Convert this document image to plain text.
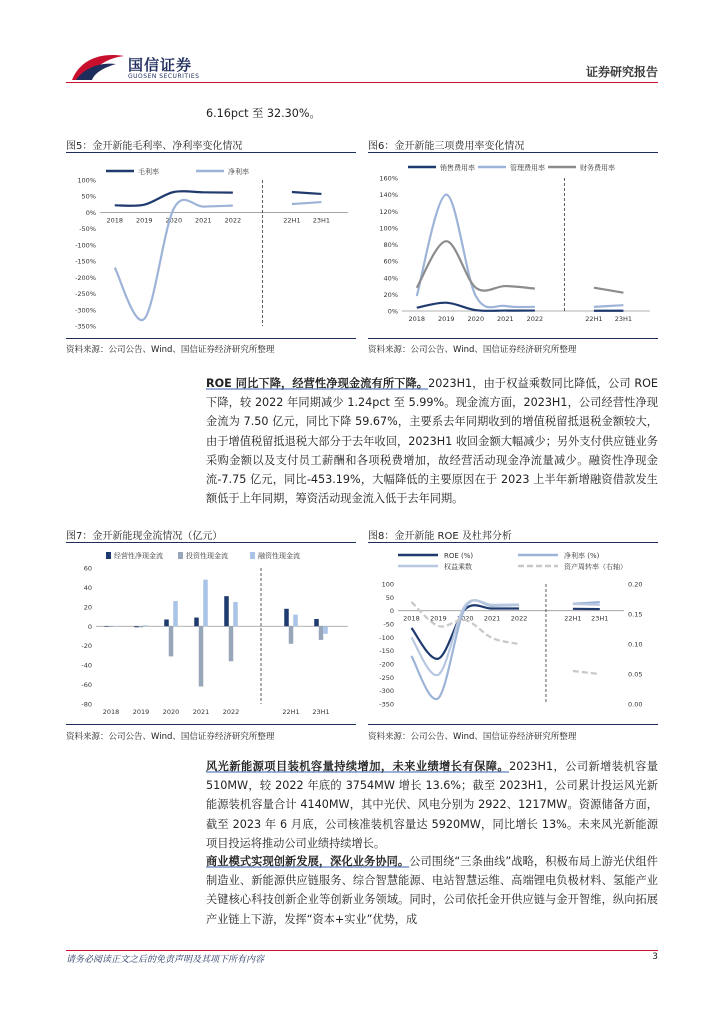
国信证券
GUOSEN SECURITIES	证券研究报告
6.16pct 至 32.30%。
图5：金开新能毛利率、净利率变化情况
毛利率	净利率
100%
50%
0%
-50%
-100%
-150%
-200%
-250%
-300%
-350%
2018 2019 2020 2021 2022	22H1 23H1
资料来源：公司公告、Wind、国信证券经济研究所整理
图6：金开新能三项费用率变化情况
销售费用率	管理费用率	财务费用率
160%
140%
120%
100%
80%
60%
40%
20%
0%
2018 2019 2020 2021 2022	22H1 23H1
资料来源：公司公告、Wind、国信证券经济研究所整理
ROE 同比下降，经营性净现金流有所下降。2023H1，由于权益乘数同比降低，公司 ROE 下降，较 2022 年同期减少 1.24pct 至 5.99%。现金流方面，2023H1，公司经营性净现金流为 7.50 亿元，同比下降 59.67%，主要系去年同期收到的增值税留抵退税金额较大，由于增值税留抵退税大部分于去年收回，2023H1 收回金额大幅减少；另外支付供应链业务采购金额以及支付员工薪酬和各项税费增加，故经营活动现金净流量减少。融资性净现金流-7.75 亿元，同比-453.19%，大幅降低的主要原因在于 2023 上半年新增融资借款发生额低于上年同期，筹资活动现金流入低于去年同期。
图7：金开新能现金流情况（亿元）
经营性净现金流	投资性现金流	融资性现金流
60
40
20
0
-20
-40
-60
-80
2018 2019 2020 2021 2022	22H1 23H1
资料来源：公司公告、Wind、国信证券经济研究所整理
图8：金开新能 ROE 及杜邦分析
ROE (%)	净利率 (%)
权益乘数	资产周转率（右轴）
100
50
0
-50
-100
-150
-200
-250
-300
-350
0.20
0.15
0.10
0.05
0.00
2018 2019 2020 2021 2022	22H1 23H1
资料来源：公司公告、Wind、国信证券经济研究所整理
风光新能源项目装机容量持续增加，未来业绩增长有保障。2023H1，公司新增装机容量 510MW，较 2022 年底的 3754MW 增长 13.6%；截至 2023H1，公司累计投运风光新能源装机容量合计 4140MW，其中光伏、风电分别为 2922、1217MW。资源储备方面，截至 2023 年 6 月底，公司核准装机容量达 5920MW，同比增长 13%。未来风光新能源项目投运将推动公司业绩持续增长。
商业模式实现创新发展，深化业务协同。公司围绕“三条曲线”战略，积极布局上游光伏组件制造业、新能源供应链服务、综合智慧能源、电站智慧运维、高端锂电负极材料、氢能产业关键核心科技创新企业等创新业务领域。同时，公司依托金开供应链与金开智维，纵向拓展产业链上下游，发挥“资本+实业”优势，成
请务必阅读正文之后的免责声明及其项下所有内容	3
